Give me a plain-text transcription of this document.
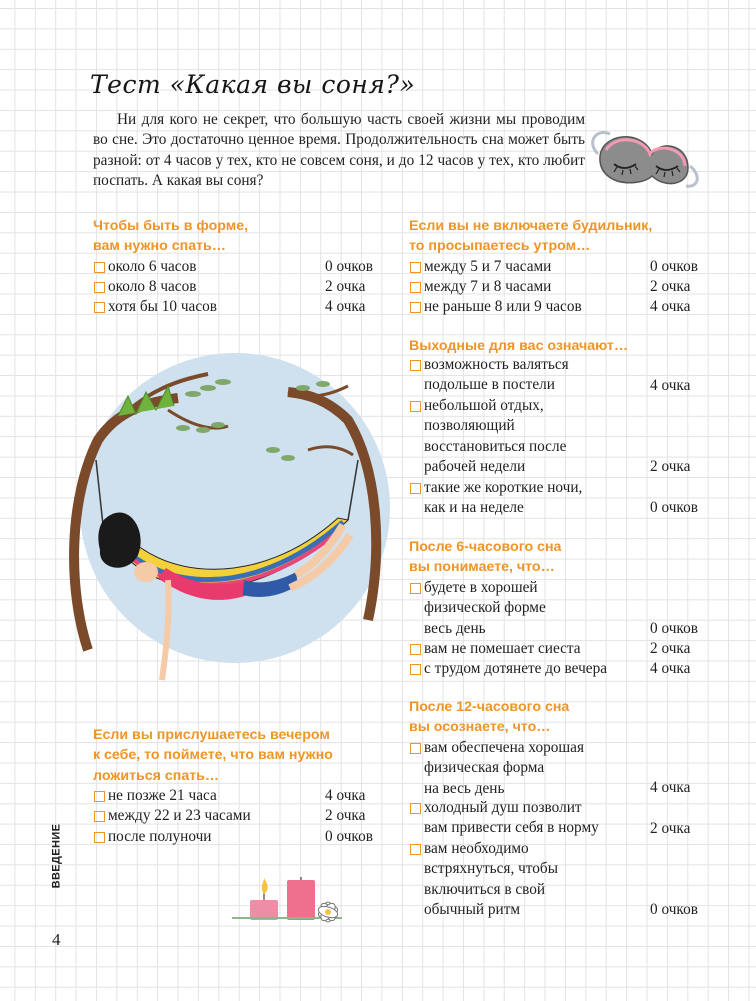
Тест «Какая вы соня?»

Ни для кого не секрет, что большую часть своей жизни мы проводим во сне. Это достаточно ценное время. Продолжительность сна может быть разной: от 4 часов у тех, кто не совсем соня, и до 12 часов у тех, кто любит поспать. А какая вы соня?

Чтобы быть в форме,
вам нужно спать…
около 6 часов	0 очков
около 8 часов	2 очка
хотя бы 10 часов	4 очка
Если вы не включаете будильник,
то просыпаетесь утром…
между 5 и 7 часами	0 очков
между 7 и 8 часами	2 очка
не раньше 8 или 9 часов	4 очка
Выходные для вас означают…
возможность валяться
подольше в постели	4 очка
небольшой отдых,
позволяющий
восстановиться после
рабочей недели	2 очка
такие же короткие ночи,
как и на неделе	0 очков
После 6-часового сна
вы понимаете, что…
будете в хорошей
физической форме
весь день	0 очков
вам не помешает сиеста	2 очка
с трудом дотянете до вечера	4 очка
После 12-часового сна
вы осознаете, что…
вам обеспечена хорошая
физическая форма
на весь день	4 очка
холодный душ позволит
вам привести себя в норму	2 очка
вам необходимо
встряхнуться, чтобы
включиться в свой
обычный ритм	0 очков
Если вы прислушаетесь вечером
к себе, то поймете, что вам нужно
ложиться спать…
не позже 21 часа	4 очка
между 22 и 23 часами	2 очка
после полуночи	0 очков
ВВЕДЕНИЕ
4
